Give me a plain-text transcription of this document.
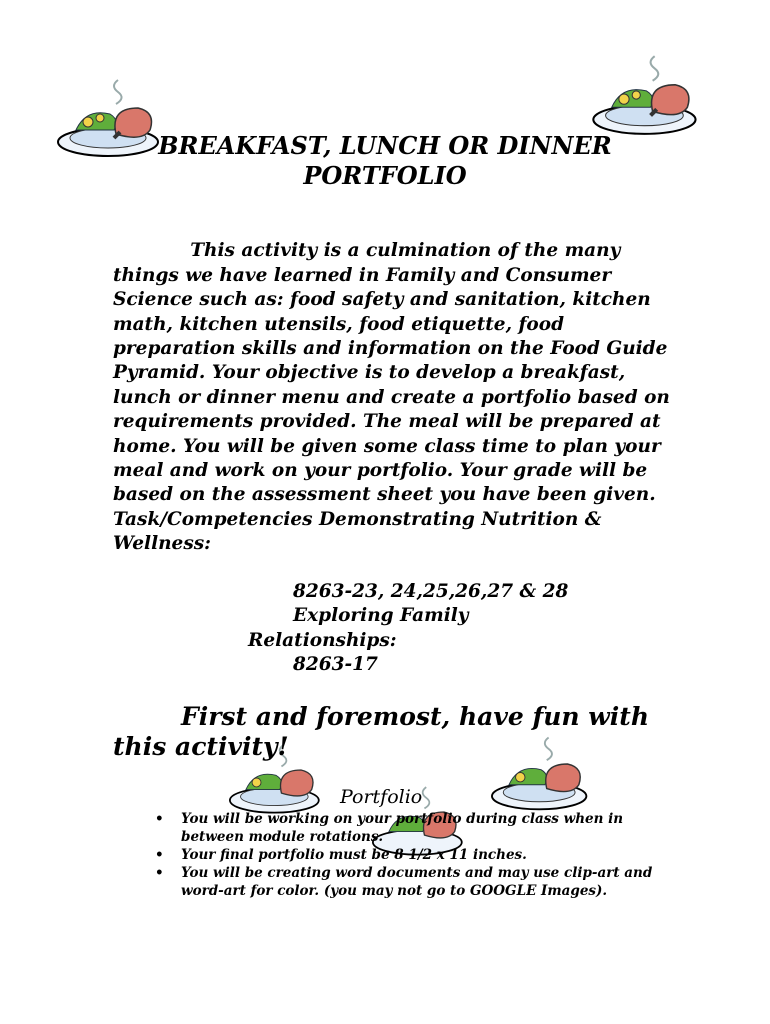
BREAKFAST, LUNCH OR DINNER
PORTFOLIO

This activity is a culmination of the many things we have learned in Family and Consumer Science such as: food safety and sanitation, kitchen math, kitchen utensils, food etiquette, food preparation skills and information on the Food Guide Pyramid. Your objective is to develop a breakfast, lunch or dinner menu and create a portfolio based on requirements provided. The meal will be prepared at home. You will be given some class time to plan your meal and work on your portfolio. Your grade will be based on the assessment sheet you have been given.
Task/Competencies Demonstrating Nutrition & Wellness:

8263-23, 24,25,26,27 & 28
Exploring Family
Relationships:
8263-17
First and foremost, have fun with this activity!
Portfolio
• You will be working on your portfolio during class when in between module rotations.
• Your final portfolio must be 8 1/2 x 11 inches.
• You will be creating word documents and may use clip-art and word-art for color. (you may not go to GOOGLE Images).
